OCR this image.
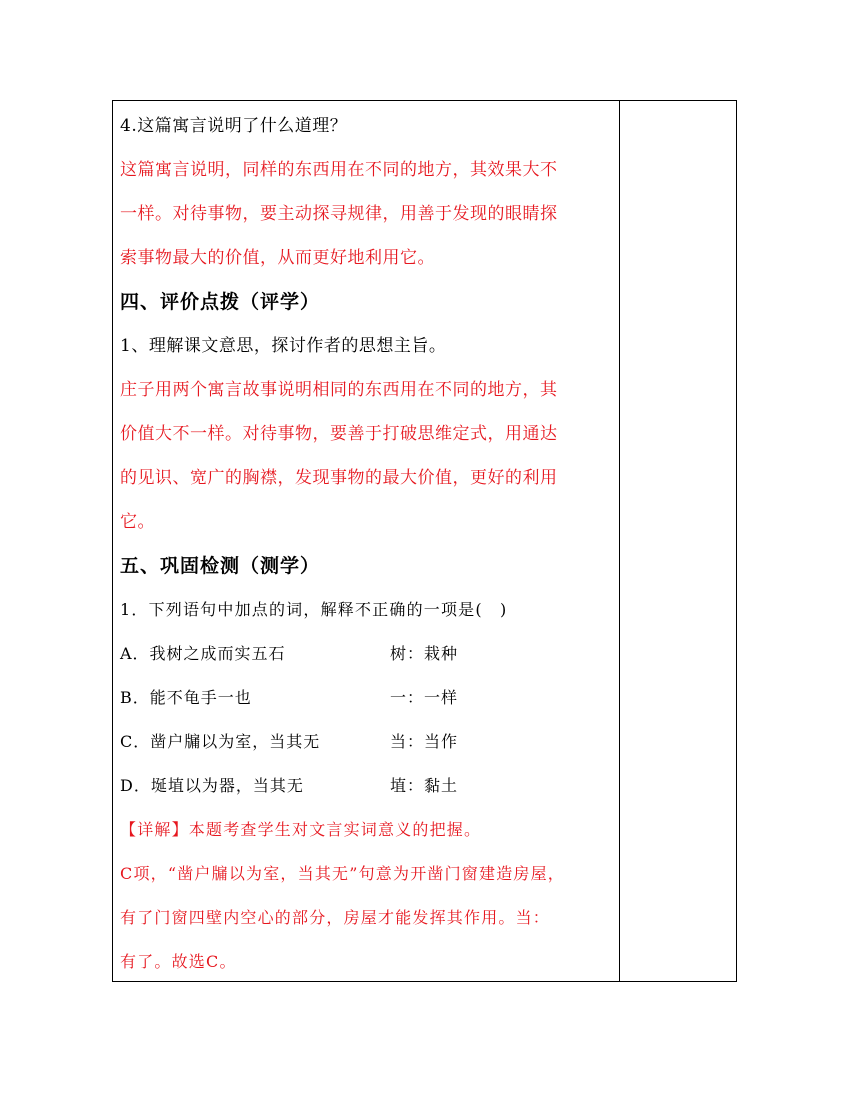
4.这篇寓言说明了什么道理？
这篇寓言说明，同样的东西用在不同的地方，其效果大不
一样。对待事物，要主动探寻规律，用善于发现的眼睛探
索事物最大的价值，从而更好地利用它。
四、评价点拨（评学）
1、理解课文意思，探讨作者的思想主旨。
庄子用两个寓言故事说明相同的东西用在不同的地方，其
价值大不一样。对待事物，要善于打破思维定式，用通达
的见识、宽广的胸襟，发现事物的最大价值，更好的利用
它。
五、巩固检测（测学）
1．下列语句中加点的词，解释不正确的一项是(　)
A．我树之成而实五石	树：栽种
B．能不龟手一也	一：一样
C．凿户牖以为室，当其无	当：当作
D．埏埴以为器，当其无	埴：黏土
【详解】本题考查学生对文言实词意义的把握。
C项，“凿户牖以为室，当其无”句意为开凿门窗建造房屋，
有了门窗四壁内空心的部分，房屋才能发挥其作用。当：
有了。故选C。
